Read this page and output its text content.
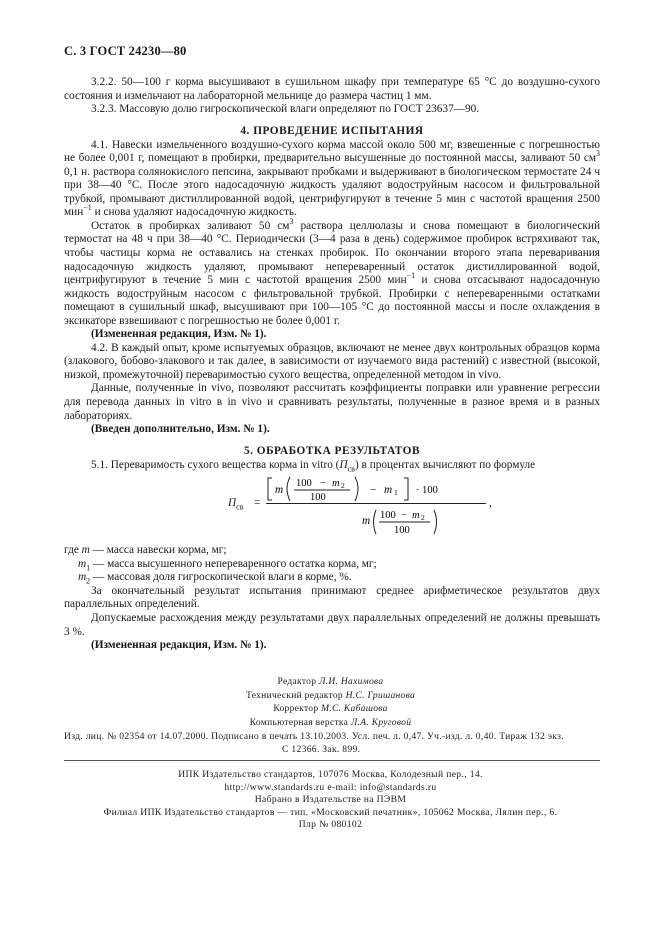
С. 3 ГОСТ 24230—80

3.2.2. 50—100 г корма высушивают в сушильном шкафу при температуре 65 °С до воздушно-сухого состояния и измельчают на лабораторной мельнице до размера частиц 1 мм.

3.2.3. Массовую долю гигроскопической влаги определяют по ГОСТ 23637—90.

4. ПРОВЕДЕНИЕ ИСПЫТАНИЯ

4.1. Навески измельченного воздушно-сухого корма массой около 500 мг, взвешенные с погрешностью не более 0,001 г, помещают в пробирки, предварительно высушенные до постоянной массы, заливают 50 $см^3$ 0,1 н. раствора солянокислого пепсина, закрывают пробками и выдерживают в биологическом термостате 24 ч при 38—40 °С. После этого надосадочную жидкость удаляют водоструйным насосом и фильтровальной трубкой, промывают дистиллированной водой, центрифугируют в течение 5 мин с частотой вращения 2500 мин$^{-1}$ и снова удаляют надосадочную жидкость.

Остаток в пробирках заливают 50 $см^3$ раствора целлюлазы и снова помещают в биологический термостат на 48 ч при 38—40 °С. Периодически (3—4 раза в день) содержимое пробирок встряхивают так, чтобы частицы корма не оставались на стенках пробирок. По окончании второго этапа переваривания надосадочную жидкость удаляют, промывают непереваренный остаток дистиллированной водой, центрифугируют в течение 5 мин с частотой вращения 2500 мин$^{-1}$ и снова отсасывают надосадочную жидкость водоструйным насосом с фильтровальной трубкой. Пробирки с непереваренными остатками помещают в сушильный шкаф, высушивают при 100—105 °С до постоянной массы и после охлаждения в эксикаторе взвешивают с погрешностью не более 0,001 г.

(Измененная редакция, Изм. № 1).

4.2. В каждый опыт, кроме испытуемых образцов, включают не менее двух контрольных образцов корма (злакового, бобово-злакового и так далее, в зависимости от изучаемого вида растений) с известной (высокой, низкой, промежуточной) переваримостью сухого вещества, определенной методом in vivo.

Данные, полученные in vivo, позволяют рассчитать коэффициенты поправки или уравнение регрессии для перевода данных in vitro в in vivo и сравнивать результаты, полученные в разное время и в разных лабораториях.

(Введен дополнительно, Изм. № 1).

5. ОБРАБОТКА РЕЗУЛЬТАТОВ

5.1. Переваримость сухого вещества корма in vitro $(П_{св})$ в процентах вычисляют по формуле

$П_{св}$ =
m
100 − m 2
100
− m 1 · 100
m 100 − m 2
100
,

где m — масса навески корма, мг;

$m_1$ — масса высушенного непереваренного остатка корма, мг;

$m_2$ — массовая доля гигроскопической влаги в корме, %.

За окончательный результат испытания принимают среднее арифметическое результатов двух параллельных определений.

Допускаемые расхождения между результатами двух параллельных определений не должны превышать 3 %.

(Измененная редакция, Изм. № 1).

Редактор Л.И. Нахимова
Технический редактор Н.С. Гришанова
Корректор М.С. Кабашова
Компьютерная верстка Л.А. Круговой
Изд. лиц. № 02354 от 14.07.2000. Подписано в печать 13.10.2003. Усл. печ. л. 0,47. Уч.-изд. л. 0,40. Тираж 132 экз.
С 12366. Зак. 899.
ИПК Издательство стандартов, 107076 Москва, Колодезный пер., 14.
http://www.standards.ru e-mail: info@standards.ru
Набрано в Издательстве на ПЭВМ
Филиал ИПК Издательство стандартов — тип. «Московский печатник», 105062 Москва, Лялин пер., 6.
Плр № 080102
